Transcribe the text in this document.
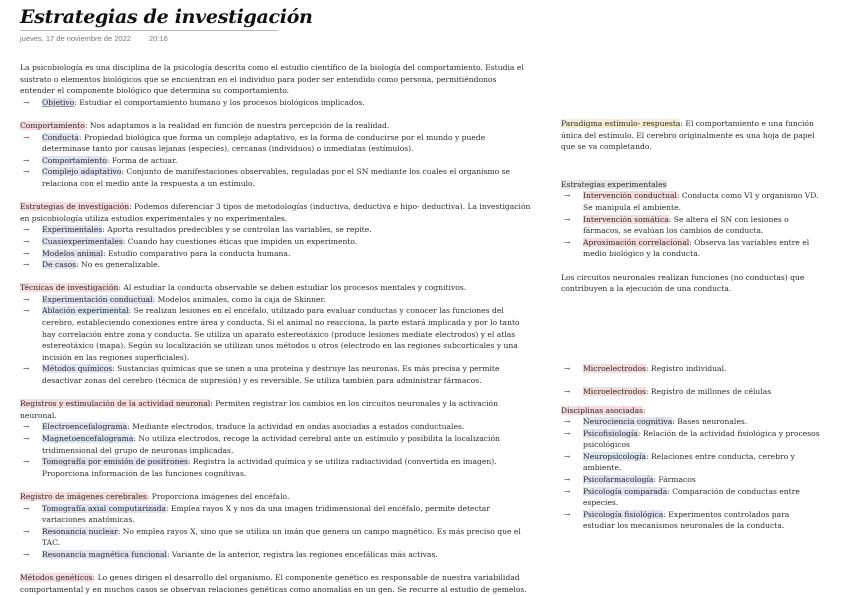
Estrategias de investigación
jueves, 17 de noviembre de 2022 20:16

La psicobiología es una disciplina de la psicología descrita como el estudio científico de la biología del comportamiento. Estudia el sustrato o elementos biológicos que se encuentran en el individuo para poder ser entendido como persona, permitiéndonos entender el componente biológico que determina su comportamiento.

→ Objetivo: Estudiar el comportamiento humano y los procesos biológicos implicados.

Comportamiento: Nos adaptamos a la realidad en función de nuestra percepción de la realidad.

→ Conducta: Propiedad biológica que forma un complejo adaptativo, es la forma de conducirse por el mundo y puede determinase tanto por causas lejanas (especies), cercanas (individuos) o inmediatas (estímulos).

→ Comportamiento: Forma de actuar.

→ Complejo adaptativo: Conjunto de manifestaciones observables, reguladas por el SN mediante los cuales el organismo se relaciona con el medio ante la respuesta a un estímulo.

Estrategias de investigación: Podemos diferenciar 3 tipos de metodologías (inductiva, deductiva e hipo- deductiva). La investigación en psicobiología utiliza estudios experimentales y no experimentales.

→ Experimentales: Aporta resultados predecibles y se controlan las variables, se repite.

→ Cuasiexperimentales: Cuando hay cuestiones éticas que impiden un experimento.

→ Modelos animal: Estudio comparativo para la conducta humana.

→ De casos: No es generalizable.

Técnicas de investigación: Al estudiar la conducta observable se deben estudiar los procesos mentales y cognitivos.

→ Experimentación conductual: Modelos animales, como la caja de Skinner.

→ Ablación experimental: Se realizan lesiones en el encéfalo, utilizado para evaluar conductas y conocer las funciones del cerebro, estableciendo conexiones entre área y conducta. Si el animal no reacciona, la parte estará implicada y por lo tanto hay correlación entre zona y conducta. Se utiliza un aparato estereotáxico (produce lesiones mediate electrodos) y el atlas estereotáxico (mapa). Según su localización se utilizan unos métodos u otros (electrodo en las regiones subcorticales y una incisión en las regiones superficiales).

→ Métodos químicos: Sustancias químicas que se unen a una proteína y destruye las neuronas. Es más precisa y permite desactivar zonas del cerebro (técnica de supresión) y es reversible. Se utiliza también para administrar fármacos.

Registros y estimulación de la actividad neuronal: Permiten registrar los cambios en los circuitos neuronales y la activación neuronal.

→ Electroencefalograma: Mediante electrodos, traduce la actividad en ondas asociadas a estados conductuales.

→ Magnetoencefalograma: No utiliza electrodos, recoge la actividad cerebral ante un estímulo y posibilita la localización tridimensional del grupo de neuronas implicadas.

→ Tomografía por emisión de positrones: Registra la actividad química y se utiliza radiactividad (convertida en imagen). Proporciona información de las funciones cognitivas.

Registro de imágenes cerebrales: Proporciona imágenes del encéfalo.

→ Tomografía axial computarizada: Emplea rayos X y nos da una imagen tridimensional del encéfalo, permite detectar variaciones anatómicas.

→ Resonancia nuclear: No emplea rayos X, sino que se utiliza un imán que genera un campo magnético. Es más preciso que el TAC.

→ Resonancia magnética funcional: Variante de la anterior, registra las regiones encefálicas más activas.

Métodos genéticos: Lo genes dirigen el desarrollo del organismo. El componente genético es responsable de nuestra variabilidad comportamental y en muchos casos se observan relaciones genéticas como anomalías en un gen. Se recurre al estudio de gemelos.

Paradigma estímulo- respuesta: El comportamiento e una función única del estímulo. El cerebro originalmente es una hoja de papel que se va completando.

Estrategias experimentales

→ Intervención conductual: Conducta como VI y organismo VD. Se manipula el ambiente.

→ Intervención somática: Se altera el SN con lesiones o fármacos, se evalúan los cambios de conducta.

→ Aproximación correlacional: Observa las variables entre el medio biológico y la conducta.

Los circuitos neuronales realizan funciones (no conductas) que contribuyen a la ejecución de una conducta.

→ Microelectrodos: Registro individual.

→ Microelectrodos: Registro de millones de células

Disciplinas asociadas:

→ Neurociencia cognitiva: Bases neuronales.

→ Psicofisiología: Relación de la actividad fisiológica y procesos psicológicos

→ Neuropsicología: Relaciones entre conducta, cerebro y ambiente.

→ Psicofarmacología: Fármacos

→ Psicología comparada: Comparación de conductas entre especies.

→ Psicología fisiológica: Experimentos controlados para estudiar los mecanismos neuronales de la conducta.
